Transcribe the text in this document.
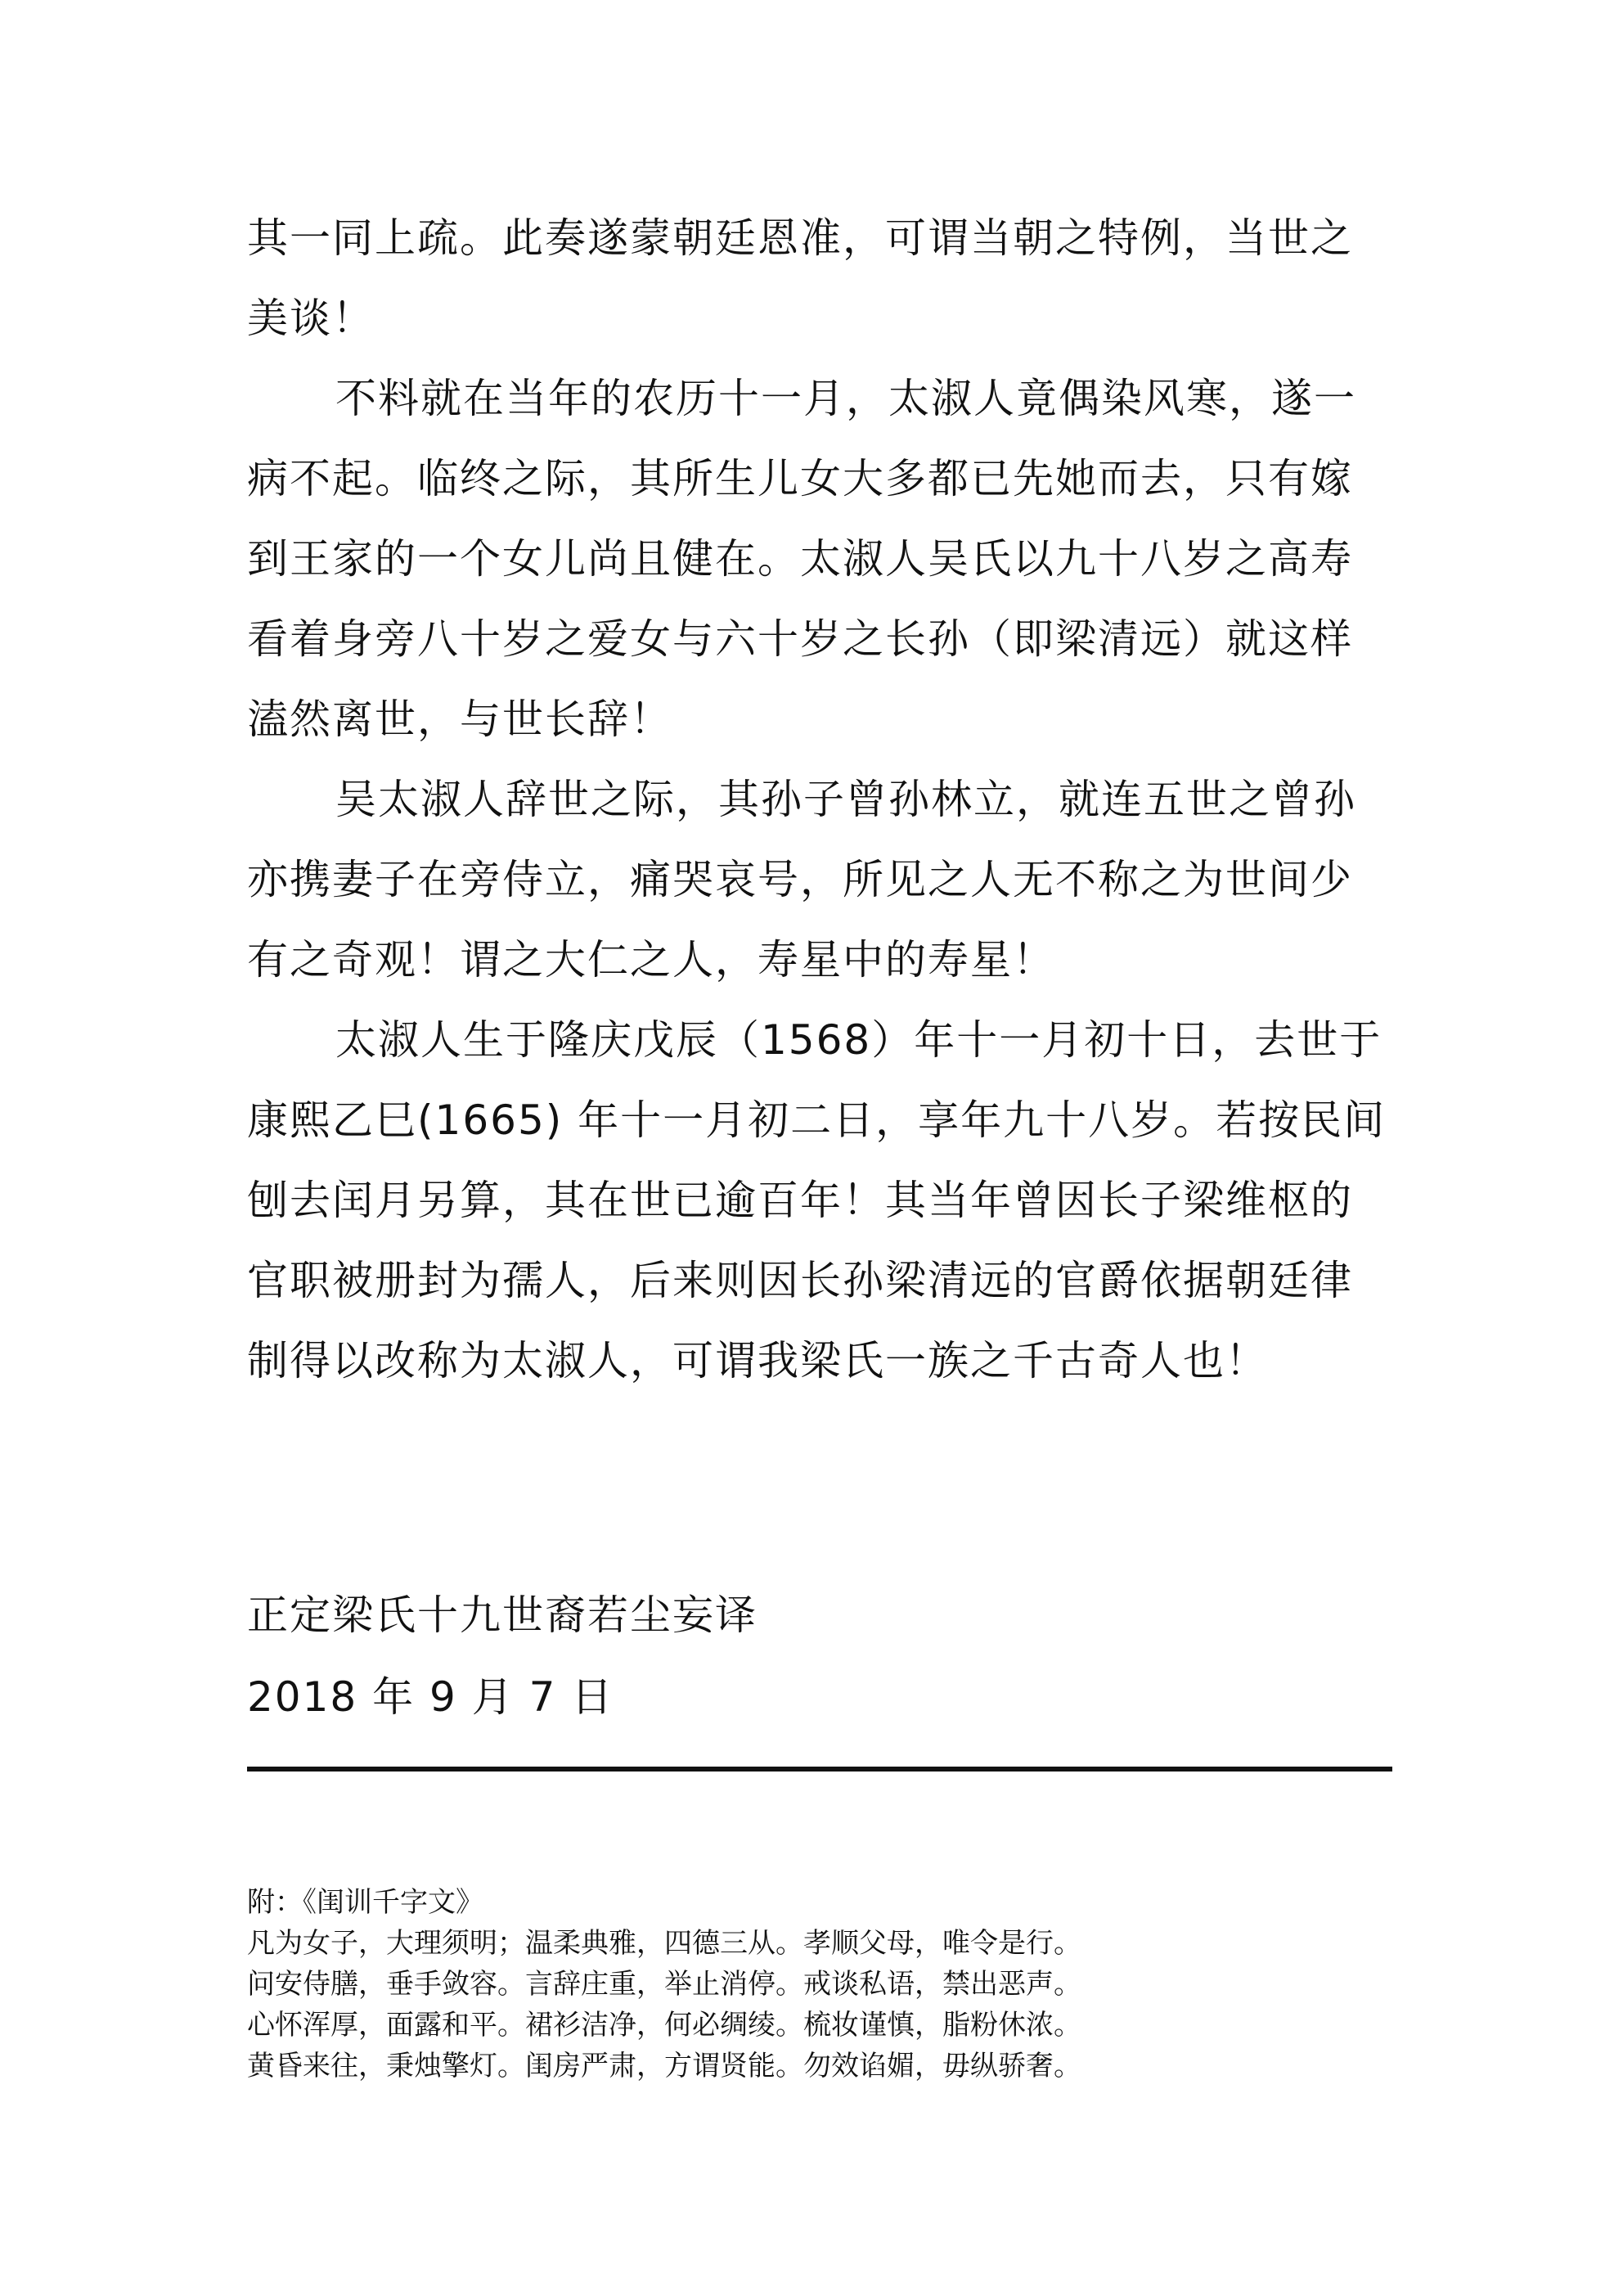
其一同上疏。此奏遂蒙朝廷恩准，可谓当朝之特例，当世之
美谈！
不料就在当年的农历十一月，太淑人竟偶染风寒，遂一
病不起。临终之际，其所生儿女大多都已先她而去，只有嫁
到王家的一个女儿尚且健在。太淑人吴氏以九十八岁之高寿
看着身旁八十岁之爱女与六十岁之长孙（即梁清远）就这样
溘然离世，与世长辞！
吴太淑人辞世之际，其孙子曾孙林立，就连五世之曾孙
亦携妻子在旁侍立，痛哭哀号，所见之人无不称之为世间少
有之奇观！谓之大仁之人，寿星中的寿星！
太淑人生于隆庆戊辰（1568）年十一月初十日，去世于
康熙乙巳(1665) 年十一月初二日，享年九十八岁。若按民间
刨去闰月另算，其在世已逾百年！其当年曾因长子梁维枢的
官职被册封为孺人，后来则因长孙梁清远的官爵依据朝廷律
制得以改称为太淑人，可谓我梁氏一族之千古奇人也！
正定梁氏十九世裔若尘妄译
2018 年 9 月 7 日
附：《闺训千字文》
凡为女子，大理须明；温柔典雅，四德三从。孝顺父母，唯令是行。
问安侍膳，垂手敛容。言辞庄重，举止消停。戒谈私语，禁出恶声。
心怀浑厚，面露和平。裙衫洁净，何必绸绫。梳妆谨慎，脂粉休浓。
黄昏来往，秉烛擎灯。闺房严肃，方谓贤能。勿效谄媚，毋纵骄奢。
